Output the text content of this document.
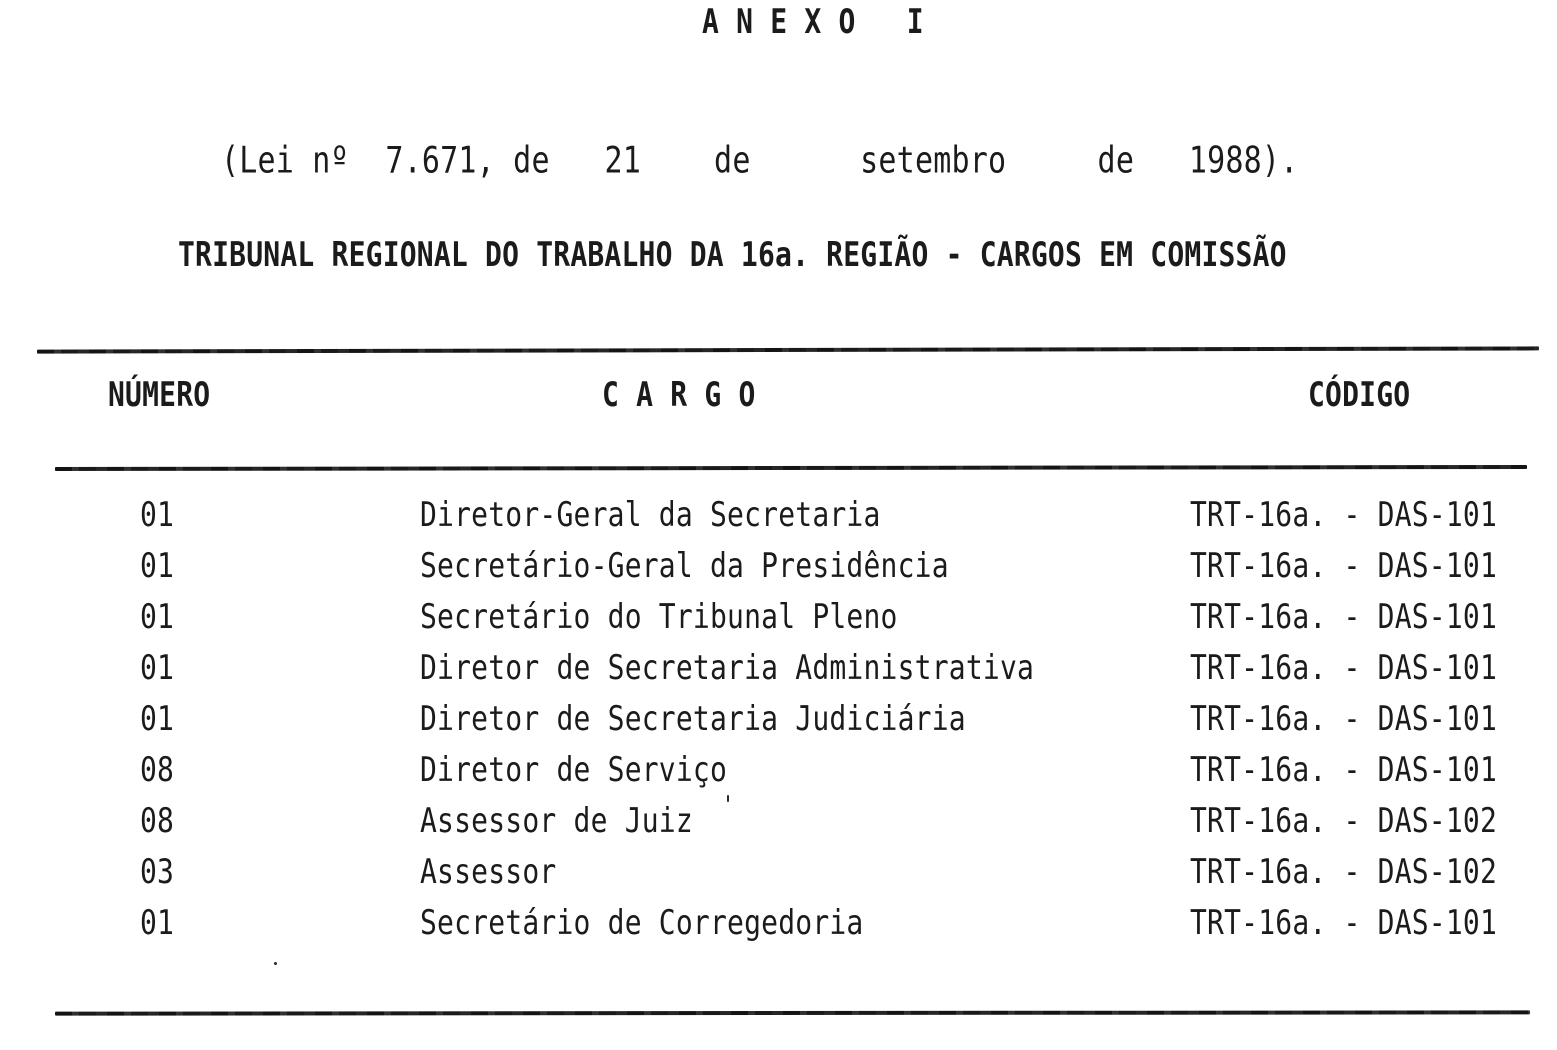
A N E X O   I
(Lei nº  7.671, de   21    de      setembro     de   1988).
TRIBUNAL REGIONAL DO TRABALHO DA 16a. REGIÃO - CARGOS EM COMISSÃO
NÚMERO	C A R G O	CÓDIGO
01	Diretor-Geral da Secretaria	TRT-16a. - DAS-101
01	Secretário-Geral da Presidência	TRT-16a. - DAS-101
01	Secretário do Tribunal Pleno	TRT-16a. - DAS-101
01	Diretor de Secretaria Administrativa	TRT-16a. - DAS-101
01	Diretor de Secretaria Judiciária	TRT-16a. - DAS-101
08	Diretor de Serviço	TRT-16a. - DAS-101
08	Assessor de Juiz	TRT-16a. - DAS-102
03	Assessor	TRT-16a. - DAS-102
01	Secretário de Corregedoria	TRT-16a. - DAS-101
